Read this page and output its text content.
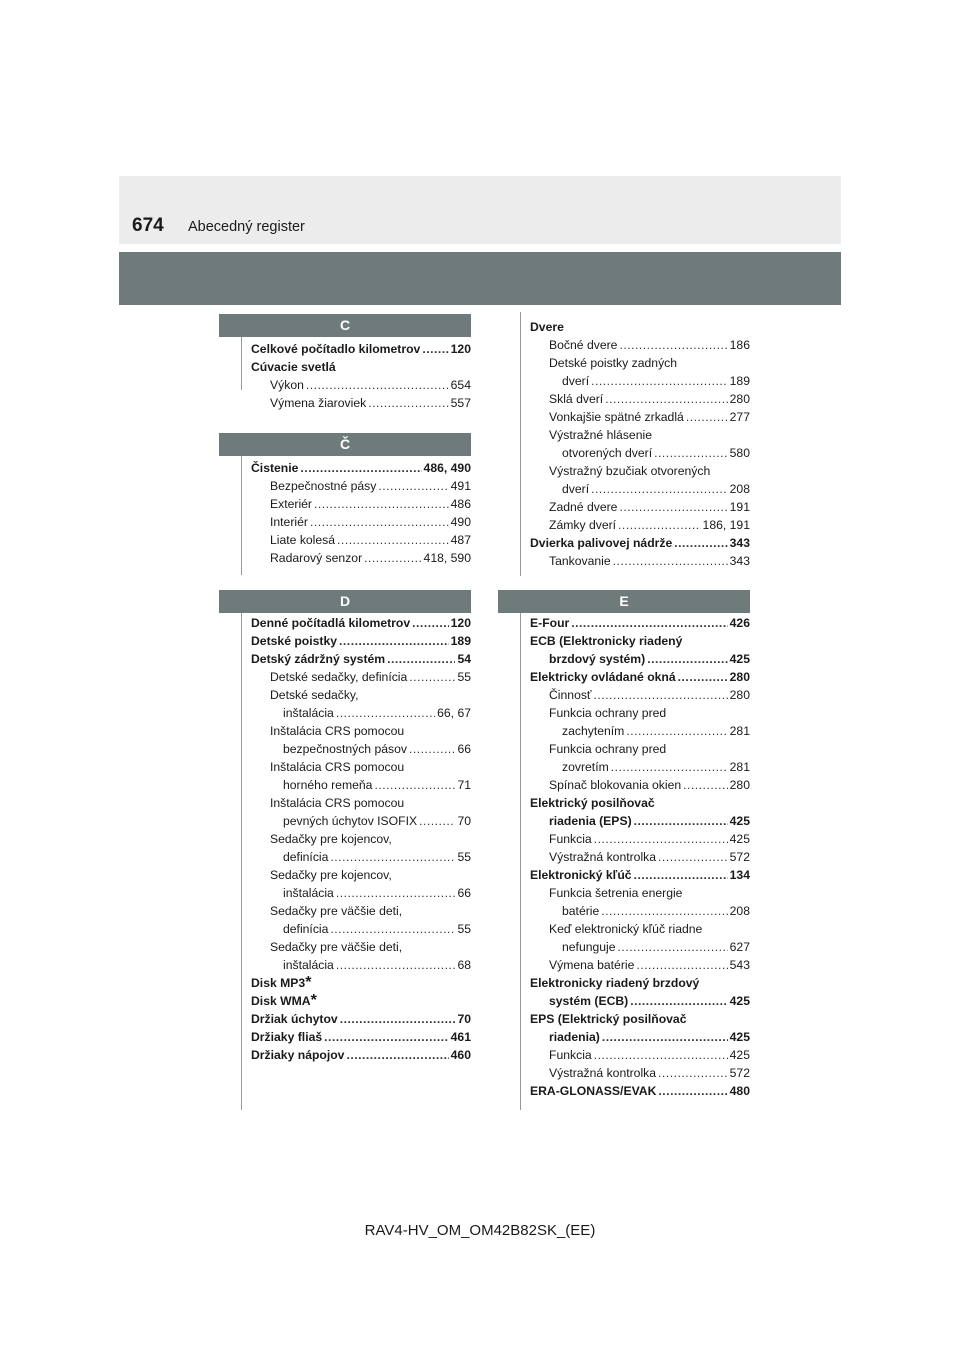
674 Abecedný register
C
Č
D	E
Celkové počítadlo kilometrov ..... 120
Cúvacie svetlá
Výkon .....	654
Výmena žiaroviek .....	557
Čistenie .....	486, 490
Bezpečnostné pásy .....	491
Exteriér .....	486
Interiér .....	490
Liate kolesá .....	487
Radarový senzor .....	418, 590
Denné počítadlá kilometrov .....	120
Detské poistky .....	189
Detský zádržný systém .....	54
Detské sedačky, definícia .....	55
Detské sedačky,
inštalácia .....	66, 67
Inštalácia CRS pomocou
bezpečnostných pásov .....	66
Inštalácia CRS pomocou
horného remeňa .....	71
Inštalácia CRS pomocou
pevných úchytov ISOFIX .....	70
Sedačky pre kojencov,
definícia .....	55
Sedačky pre kojencov,
inštalácia .....	66
Sedačky pre väčšie deti,
definícia .....	55
Sedačky pre väčšie deti,
inštalácia .....	68
Disk MP3 *
Disk WMA *
Držiak úchytov .....	70
Držiaky fliaš .....	461
Držiaky nápojov .....	460
Dvere
Bočné dvere .....	186
Detské poistky zadných
dverí .....	189
Sklá dverí .....	280
Vonkajšie spätné zrkadlá .....	277
Výstražné hlásenie
otvorených dverí .....	580
Výstražný bzučiak otvorených
dverí .....	208
Zadné dvere .....	191
Zámky dverí .....	186, 191
Dvierka palivovej nádrže .....	343
Tankovanie .....	343
E-Four .....	426
ECB (Elektronicky riadený
brzdový systém) .....	425
Elektricky ovládané okná .....	280
Činnosť .....	280
Funkcia ochrany pred
zachytením .....	281
Funkcia ochrany pred
zovretím .....	281
Spínač blokovania okien .....	280
Elektrický posilňovač
riadenia (EPS) .....	425
Funkcia .....	425
Výstražná kontrolka .....	572
Elektronický kľúč .....	134
Funkcia šetrenia energie
batérie .....	208
Keď elektronický kľúč riadne
nefunguje .....	627
Výmena batérie .....	543
Elektronicky riadený brzdový
systém (ECB) .....	425
EPS (Elektrický posilňovač
riadenia) .....	425
Funkcia .....	425
Výstražná kontrolka .....	572
ERA-GLONASS/EVAK .....	480
RAV4-HV_OM_OM42B82SK_(EE)
